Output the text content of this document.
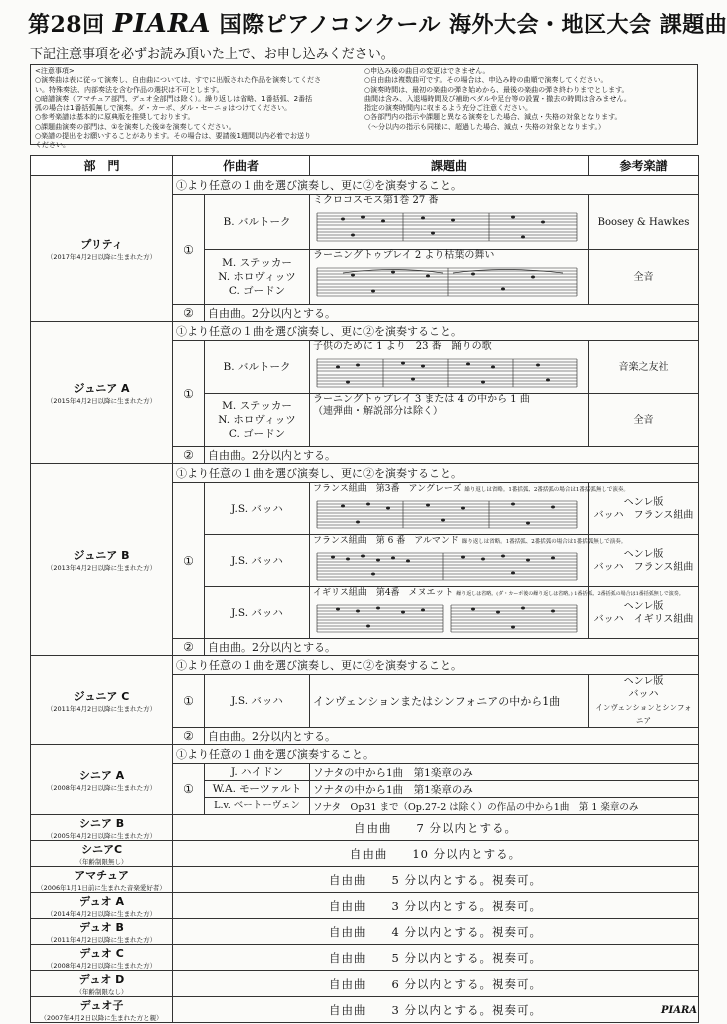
第28回 PIARA 国際ピアノコンクール 海外大会・地区大会 課題曲
下記注意事項を必ずお読み頂いた上で、お申し込みください。

<注意事項>

○演奏曲は表に従って演奏し、自由曲については、すでに出版された作品を演奏してくださ

い。特殊奏法、内部奏法を含む作品の選択は不可とします。

○暗譜演奏（アマチュア部門、デュオ全部門は除く）。繰り返しは省略、1番括弧、2番括

弧の場合は1番括弧無しで演奏。ダ・カーポ、ダル・セーニョはつけてください。

○参考楽譜は基本的に原典版を推奨しております。

○課題曲演奏の部門は、①を演奏した後②を演奏してください。

○楽譜の提出をお願いすることがあります。その場合は、要請後1週間以内必着でお送り

ください。

○申込み後の曲目の変更はできません。

○自由曲は複数曲可です。その場合は、申込み時の曲順で演奏してください。

○演奏時間は、最初の楽曲の弾き始めから、最後の楽曲の弾き終わりまでとします。

曲間は含み、入退場時間及び補助ペダルや足台等の設置・撤去の時間は含みません。

指定の演奏時間内に収まるよう充分ご注意ください。

○各部門内の指示や課題と異なる演奏をした場合、減点・失格の対象となります。

（〜分以内の指示も同様に、超過した場合、減点・失格の対象となります。）

部　門	作曲者		課題曲	参考楽譜

プリティ
（2017年4月2日以降に生まれた方）	①より任意の１曲を選び演奏し、更に②を演奏すること。			
	①	B. バルトーク	ミクロコスモス第1巻 27 番	Boosey & Hawkes
		M. ステッカー
N. ホロヴィッツ
C. ゴードン	ラーニングトゥプレイ 2 より枯葉の舞い	全音
	②	自由曲。2分以内とする。		

ジュニア A
（2015年4月2日以降に生まれた方）	①より任意の１曲を選び演奏し、更に②を演奏すること。			
	①	B. バルトーク	子供のために 1 より　23 番　踊りの歌	音楽之友社
		M. ステッカー
N. ホロヴィッツ
C. ゴードン	ラーニングトゥプレイ 3 または 4 の中から 1 曲
（連弾曲・解説部分は除く）	全音
	②	自由曲。2分以内とする。		

ジュニア B
（2013年4月2日以降に生まれた方）	①より任意の１曲を選び演奏し、更に②を演奏すること。			
	①	J.S. バッハ	フランス組曲　第3番　アングレーズ 繰り返しは省略。1番括弧、2番括弧の場合は1番括弧無しで演奏。	ヘンレ版
バッハ　フランス組曲
		J.S. バッハ	フランス組曲　第 6 番　アルマンド 繰り返しは省略。1番括弧、2番括弧の場合は1番括弧無しで演奏。	ヘンレ版
バッハ　フランス組曲
		J.S. バッハ	イギリス組曲　第4番　メヌエット 繰り返しは省略。(ダ・カーポ後の繰り返しは省略。) 1番括弧、2番括弧の場合は1番括弧無しで演奏。	ヘンレ版
バッハ　イギリス組曲
	②	自由曲。2分以内とする。		

ジュニア C
（2011年4月2日以降に生まれた方）	①より任意の１曲を選び演奏し、更に②を演奏すること。			
	①	J.S. バッハ	インヴェンションまたはシンフォニアの中から1曲	ヘンレ版
バッハ
インヴェンションとシンフォニア
	②	自由曲。2分以内とする。		

シニア A
（2008年4月2日以降に生まれた方）	①より任意の１曲を選び演奏すること。			
	①	J. ハイドン	ソナタの中から1曲　第1楽章のみ	
		W.A. モーツァルト	ソナタの中から1曲　第1楽章のみ	
		L.v. ベートーヴェン	ソナタ　Op31 まで（Op.27-2 は除く）の作品の中から1曲　第 1 楽章のみ	

シニア B
（2005年4月2日以降に生まれた方）	自由曲　　7 分以内とする。			

シニアC
（年齢制限無し）	自由曲　　10 分以内とする。			

アマチュア
（2006年1月1日前に生まれた音楽愛好者）	自由曲　　5 分以内とする。視奏可。			

デュオ A
（2014年4月2日以降に生まれた方）	自由曲　　3 分以内とする。視奏可。			

デュオ B
（2011年4月2日以降に生まれた方）	自由曲　　4 分以内とする。視奏可。			

デュオ C
（2008年4月2日以降に生まれた方）	自由曲　　5 分以内とする。視奏可。			

デュオ D
（年齢制限なし）	自由曲　　6 分以内とする。視奏可。			

デュオ子
（2007年4月2日以降に生まれた方と親）	自由曲　　3 分以内とする。視奏可。				PIARA
